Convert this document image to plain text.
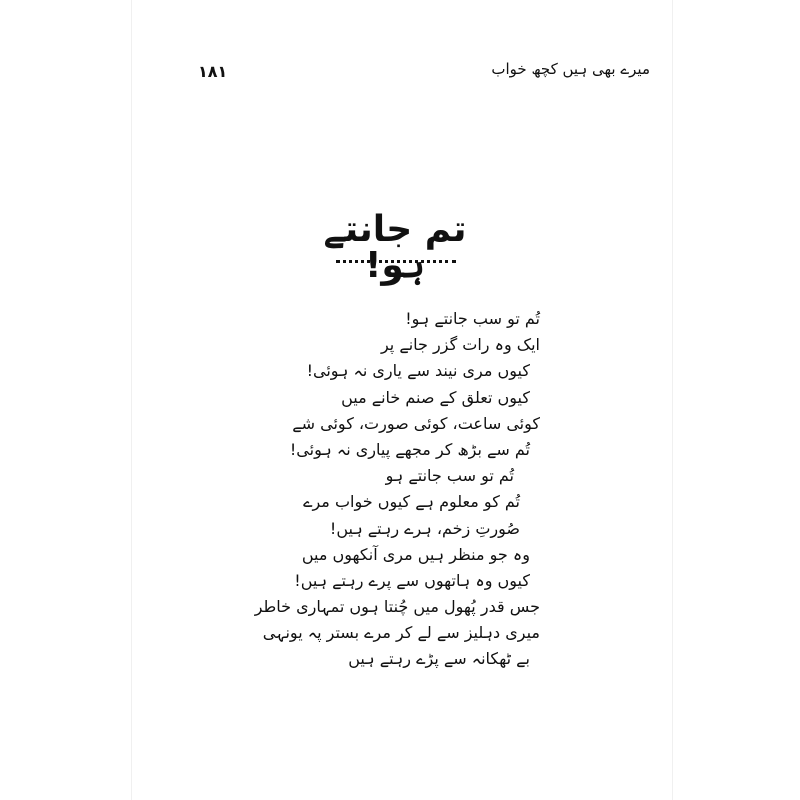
میرے بھی ہیں کچھ خواب
۱۸۱
تم جانتے ہو!
تُم تو سب جانتے ہو!
ایک وہ رات گزر جانے پر
کیوں مری نیند سے یاری نہ ہوئی!
کیوں تعلق کے صنم خانے میں
کوئی ساعت، کوئی صورت، کوئی شے
تُم سے بڑھ کر مجھے پیاری نہ ہوئی!
تُم تو سب جانتے ہو
تُم کو معلوم ہے کیوں خواب مرے
صُورتِ زخم، ہرے رہتے ہیں!
وہ جو منظر ہیں مری آنکھوں میں
کیوں وہ ہاتھوں سے پرے رہتے ہیں!
جس قدر پُھول میں چُنتا ہوں تمہاری خاطر
میری دہلیز سے لے کر مرے بستر پہ یونہی
بے ٹھکانہ سے پڑے رہتے ہیں
